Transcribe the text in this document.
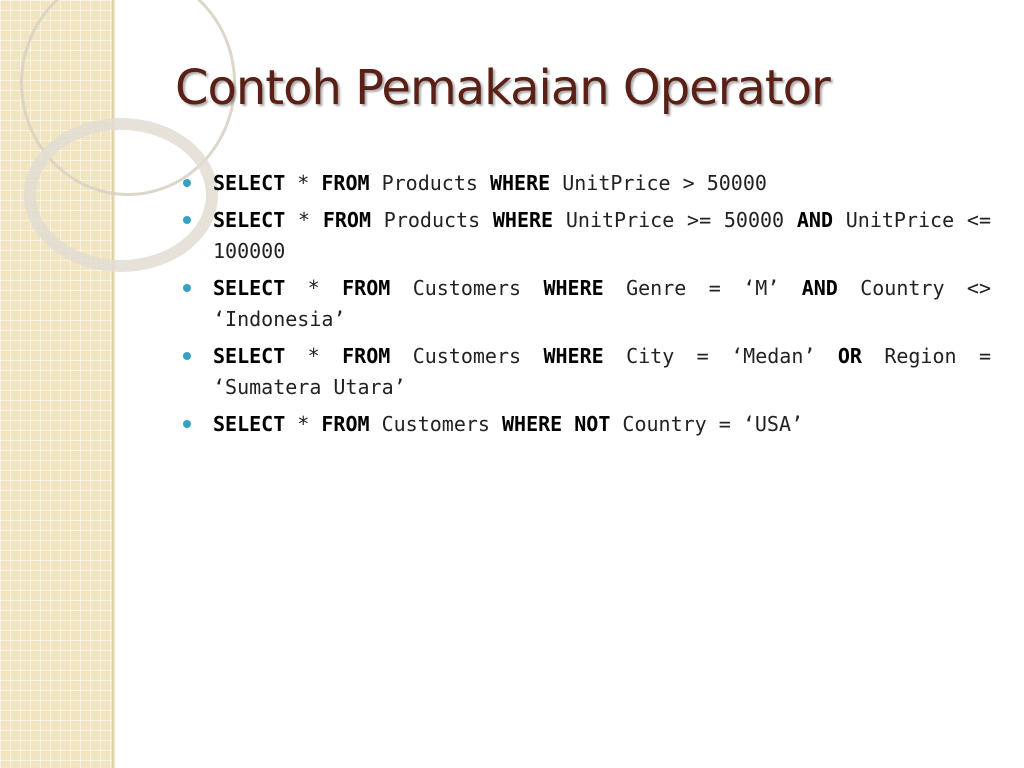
Contoh Pemakaian Operator
SELECT * FROM Products WHERE UnitPrice > 50000
SELECT * FROM Products WHERE UnitPrice >= 50000 AND UnitPrice <= 100000
SELECT * FROM Customers WHERE Genre = ‘M’ AND Country <> ‘Indonesia’
SELECT * FROM Customers WHERE City = ‘Medan’ OR Region = ‘Sumatera Utara’
SELECT * FROM Customers WHERE NOT Country = ‘USA’
